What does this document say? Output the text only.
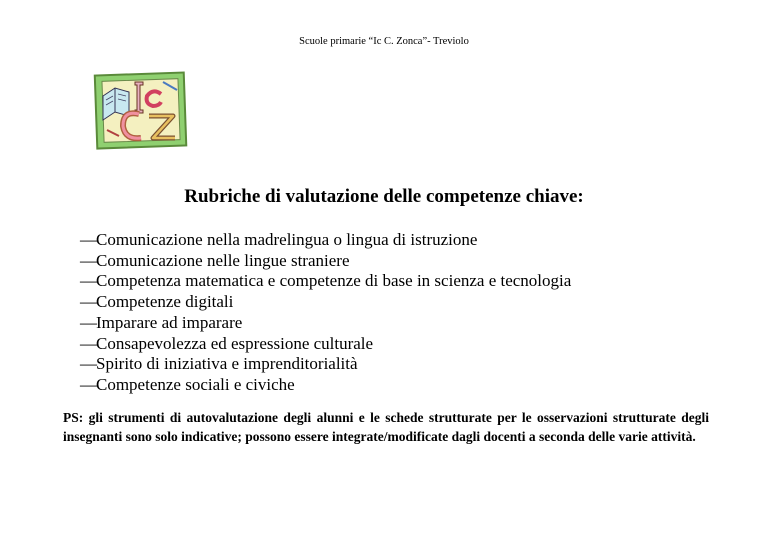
Scuole primarie “Ic C. Zonca”- Treviolo
Rubriche di valutazione delle competenze chiave:
— Comunicazione nella madrelingua o lingua di istruzione
— Comunicazione nelle lingue straniere
— Competenza matematica e competenze di base in scienza e tecnologia
— Competenze digitali
— Imparare ad imparare
— Consapevolezza ed espressione culturale
— Spirito di iniziativa e imprenditorialità
— Competenze sociali e civiche
PS: gli strumenti di autovalutazione degli alunni e le schede strutturate per le osservazioni strutturate degli insegnanti sono solo indicative; possono essere integrate/modificate dagli docenti a seconda delle varie attività.
